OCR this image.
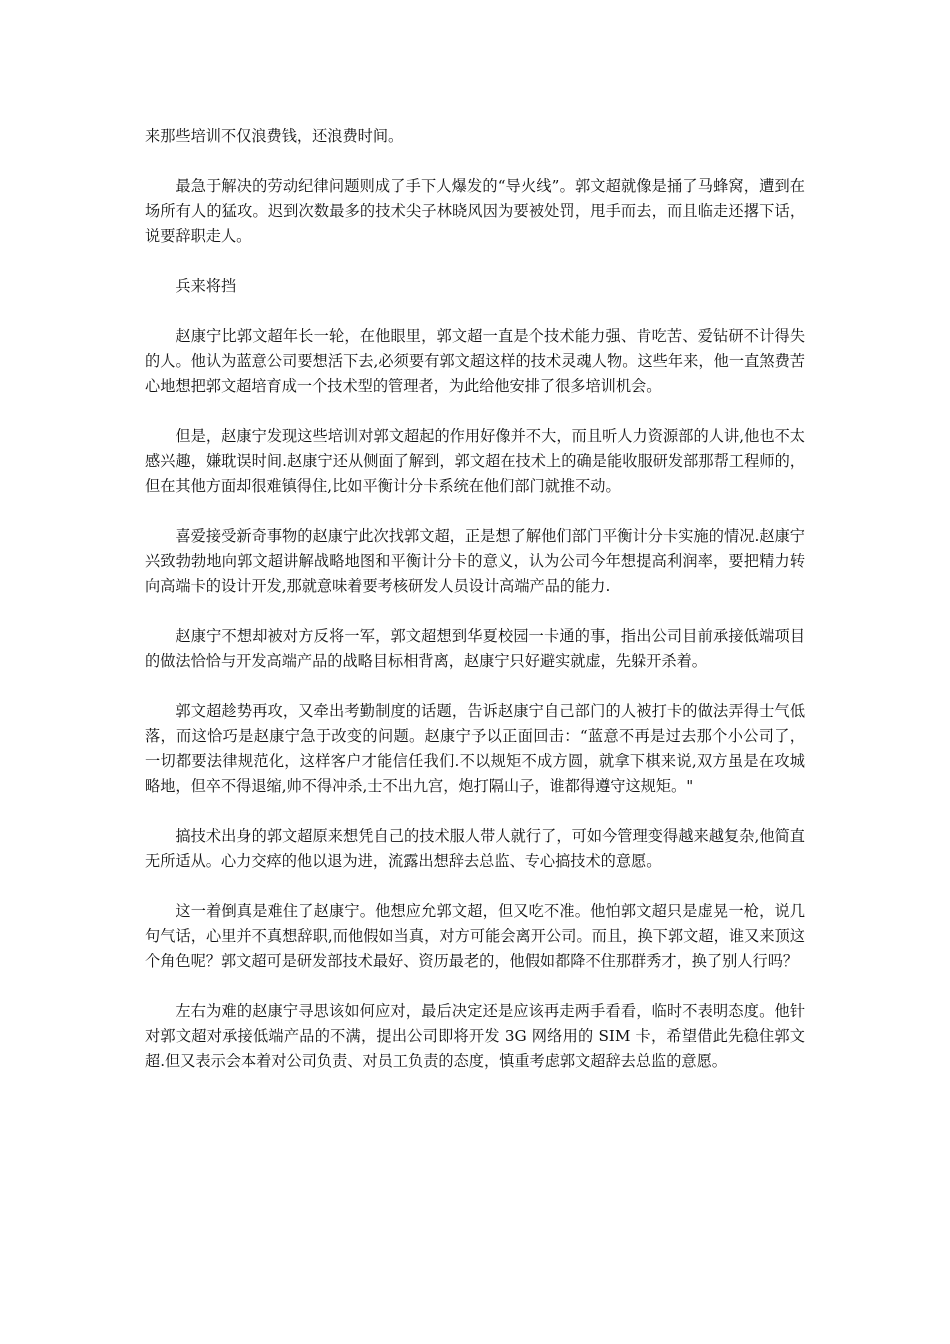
来那些培训不仅浪费钱，还浪费时间。

最急于解决的劳动纪律问题则成了手下人爆发的“导火线”。郭文超就像是捅了马蜂窝，遭到在场所有人的猛攻。迟到次数最多的技术尖子林晓风因为要被处罚，甩手而去，而且临走还撂下话，说要辞职走人。

兵来将挡

赵康宁比郭文超年长一轮，在他眼里，郭文超一直是个技术能力强、肯吃苦、爱钻研不计得失的人。他认为蓝意公司要想活下去,必须要有郭文超这样的技术灵魂人物。这些年来，他一直煞费苦心地想把郭文超培育成一个技术型的管理者，为此给他安排了很多培训机会。

但是，赵康宁发现这些培训对郭文超起的作用好像并不大，而且听人力资源部的人讲,他也不太感兴趣，嫌耽误时间.赵康宁还从侧面了解到，郭文超在技术上的确是能收服研发部那帮工程师的，但在其他方面却很难镇得住,比如平衡计分卡系统在他们部门就推不动。

喜爱接受新奇事物的赵康宁此次找郭文超，正是想了解他们部门平衡计分卡实施的情况.赵康宁兴致勃勃地向郭文超讲解战略地图和平衡计分卡的意义，认为公司今年想提高利润率，要把精力转向高端卡的设计开发,那就意味着要考核研发人员设计高端产品的能力.

赵康宁不想却被对方反将一军，郭文超想到华夏校园一卡通的事，指出公司目前承接低端项目的做法恰恰与开发高端产品的战略目标相背离，赵康宁只好避实就虚，先躲开杀着。

郭文超趁势再攻，又牵出考勤制度的话题，告诉赵康宁自己部门的人被打卡的做法弄得士气低落，而这恰巧是赵康宁急于改变的问题。赵康宁予以正面回击：“蓝意不再是过去那个小公司了，一切都要法律规范化，这样客户才能信任我们.不以规矩不成方圆，就拿下棋来说,双方虽是在攻城略地，但卒不得退缩,帅不得冲杀,士不出九宫，炮打隔山子，谁都得遵守这规矩。"

搞技术出身的郭文超原来想凭自己的技术服人带人就行了，可如今管理变得越来越复杂,他简直无所适从。心力交瘁的他以退为进，流露出想辞去总监、专心搞技术的意愿。

这一着倒真是难住了赵康宁。他想应允郭文超，但又吃不准。他怕郭文超只是虚晃一枪，说几句气话，心里并不真想辞职,而他假如当真，对方可能会离开公司。而且，换下郭文超，谁又来顶这个角色呢？郭文超可是研发部技术最好、资历最老的，他假如都降不住那群秀才，换了别人行吗？

左右为难的赵康宁寻思该如何应对，最后决定还是应该再走两手看看，临时不表明态度。他针对郭文超对承接低端产品的不满，提出公司即将开发 3G 网络用的 SIM 卡，希望借此先稳住郭文超.但又表示会本着对公司负责、对员工负责的态度，慎重考虑郭文超辞去总监的意愿。
